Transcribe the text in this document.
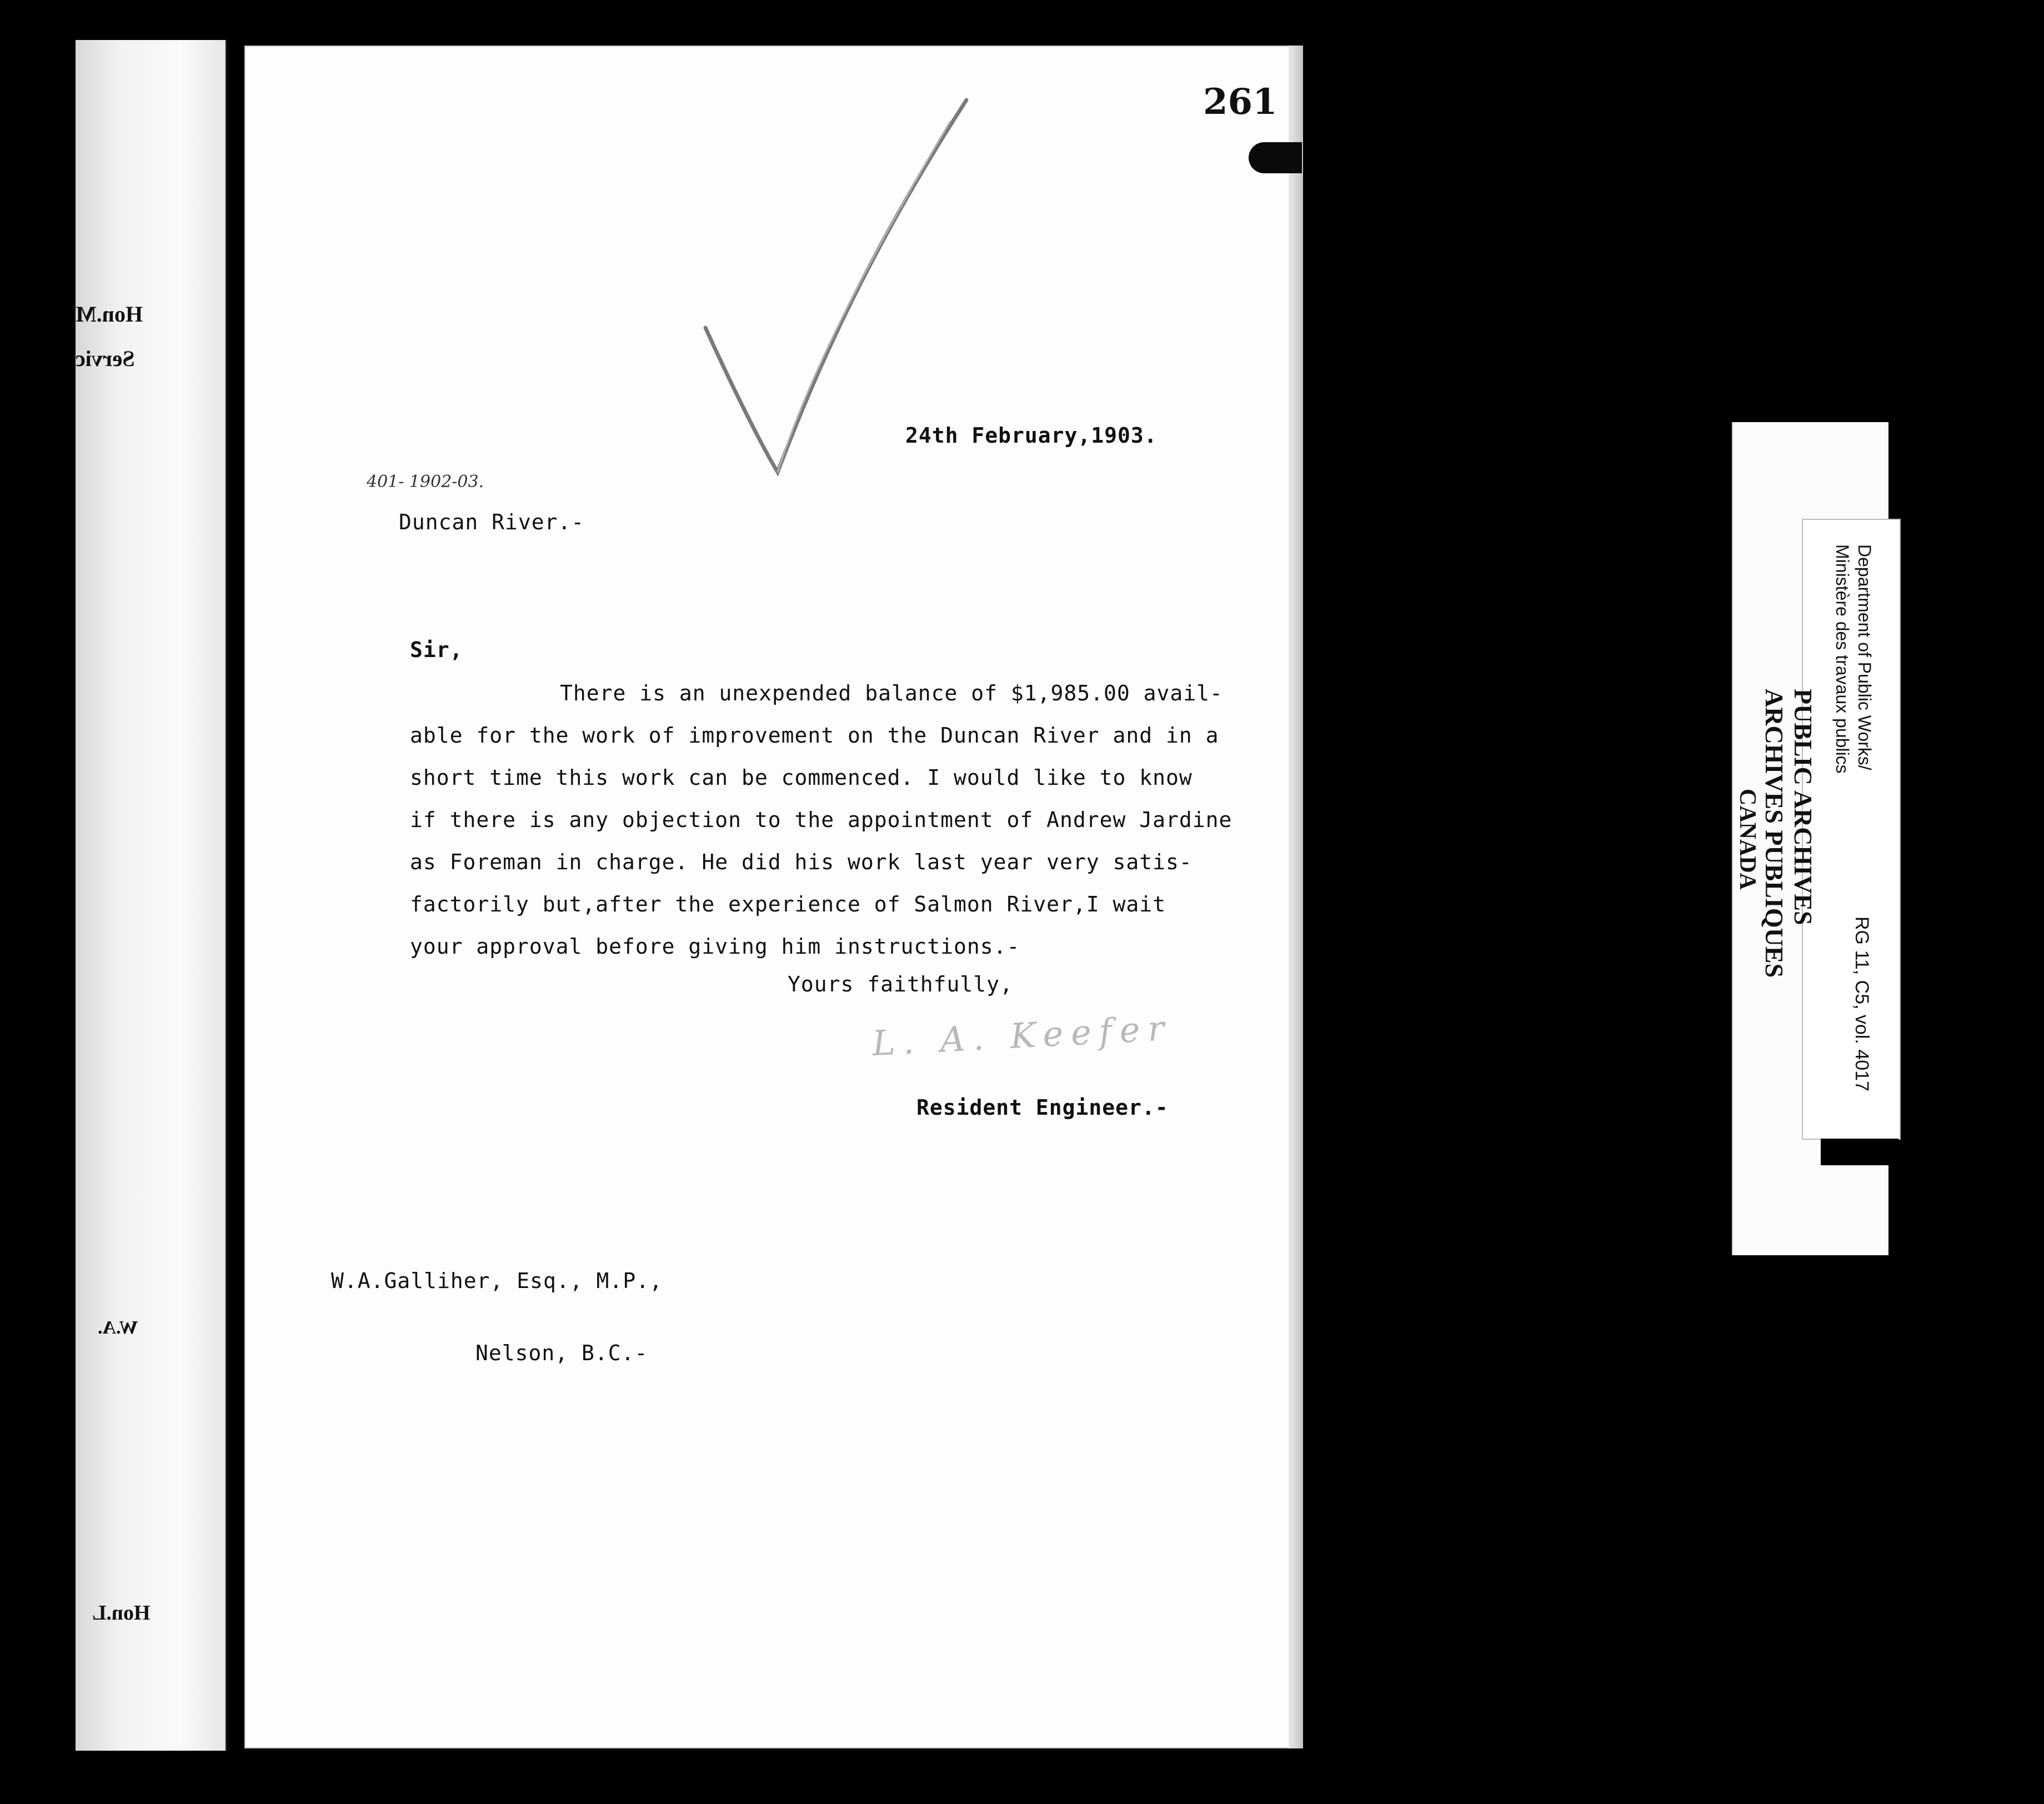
Hon.M
Servic
W.A.
Hon.L
261
24th February,1903.
401- 1902-03.
Duncan River.-
Sir,
There is an unexpended balance of $1,985.00 avail-
able for the work of improvement on the Duncan River and in a
short time this work can be commenced. I would like to know
if there is any objection to the appointment of Andrew Jardine
as Foreman in charge. He did his work last year very satis-
factorily but,after the experience of Salmon River,I wait
your approval before giving him instructions.-
Yours faithfully,
L. A. Keefer
Resident Engineer.-
W.A.Galliher, Esq., M.P.,
Nelson, B.C.-
Department of Public Works/
Ministère des travaux publics
PUBLIC ARCHIVES
ARCHIVES PUBLIQUES
CANADA
RG 11, C5, vol. 4017
